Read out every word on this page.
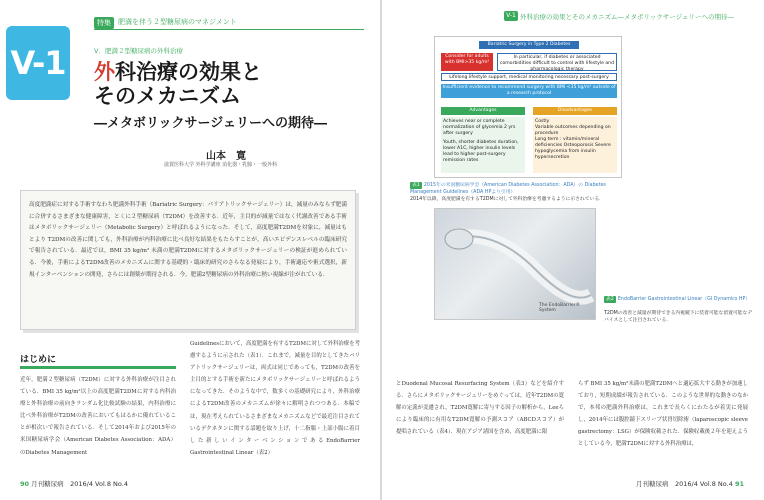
V-1
特集	肥満を伴う２型糖尿病のマネジメント
V．肥満２型糖尿病の外科治療
外科治療の効果と
そのメカニズム
―メタボリックサージェリーへの期待―
山本　寛
滋賀医科大学 外科学講座 消化器・乳腺・一般外科
高度肥満症に対する手術すなわち肥満外科手術（Bariatric Surgery：バリアトリックサージェリー）は，減量のみならず肥満に合併するさまざまな健康障害，とくに２型糖尿病（T2DM）を改善する．近年，主目的が減量ではなく代謝改善である手術はメタボリックサージェリー（Metabolic Surgery）と呼ばれるようになった．そして，高度肥満T2DMを対象に，減量はもとより T2DMの改善に関しても，外科治療が内科治療に比べ良好な結果をもたらすことが，高いエビデンスレベルの臨床研究で報告されている．最近では，BMI 35 kg/m² 未満の肥満T2DMに対するメタボリックサージェリーの検証が進められている．今後，手術によるT2DM改善のメカニズムに関する基礎的・臨床的研究のさらなる発展により，手術適応や術式選択，新規インターベンションの開発，さらには創薬が期待される．今，肥満2型糖尿病の外科治療に熱い視線が注がれている．
はじめに
近年，肥満２型糖尿病（T2DM）に対する外科治療が注目されている．BMI 35 kg/m²以上の高度肥満T2DMに対する内科治療と外科治療の前向きランダム化比較試験の結果，内科治療に比べ外科治療がT2DMの改善においてもはるかに優れていることが相次いで報告されている．そして2014年および2015年の米国糖尿病学会（American Diabetes Association：ADA）のDiabetes Management
Guidelinesにおいて，高度肥満を有するT2DMに対して外科治療を考慮するように示された（表1）．これまで，減量を目的としてきたバリアトリックサージェリーは，両式は同じであっても，T2DMの改善を主目的とする手術を新たにメタボリックサージェリーと呼ばれるようになってきた．そのような中で，数多くの基礎研究により，外科治療によるT2DM改善のメカニズムが徐々に解明されつつある．本稿では，現在考えられているさまざまなメカニズムなどで最近注目されているデクネタンに関する話題を取り上げ，十二指腸・上部小腸に着目した新しいインターベンションであるEndoBarrier Gastrointestinal Linear（表2）
90 月刊糖尿病　2016/4 Vol.8 No.4
V-1 外科治療の効果とそのメカニズム―メタボリックサージェリーへの期待―
Bariatric Surgery in Type 2 Diabetes
Consider for adults with BMI>35 kg/m²
In particular, if diabetes or associated comorbidities difficult to control with lifestyle and pharmacologic therapy
Lifelong lifestyle support, medical monitoring necessary post-surgery
Insufficient evidence to recommend surgery with BMI <35 kg/m² outside of a research protocol
Advantages	Disadvantages
Achieves near or complete normalization of glycemia 2 yrs after surgery
Youth, shorter diabetes duration, lower A1C, higher insulin levels lead to higher post-surgery remission rates
Costly
Variable outcomes depending on procedure
Long term : vitamin/mineral deficiencies Osteoporosis Severe hypoglycemia from insulin hypersecretion
表1 2015年の米国糖尿病学会（American Diabetes Association：ADA）の Diabetes Management Guidelines（ADA HPより引用）
2014年以降，高度肥満を有するT2DMに対して外科治療を考慮するように示されている．
The EndoBarrier® System
表2 EndoBarrier Gastrointestinal Linear（GI Dynamics HP）
T2DMの改善と減量が期待できる内視鏡下に装着可能な留置可能なデバイスとして注目されている．
とDuodenal Mucosal Resurfacing System（表3）などを紹介する．さらにメタボリックサージェリーをめぐっては，近年T2DMの寛解の定義が変遷され，T2DM寛解に寄与する因子の解析から，Leeらにより臨床的に有用なT2DM寛解の予測スコア（ABCDスコア）が提唱されている（表4）．現在アジア諸国を含め，高度肥満に限
らず BMI 35 kg/m²未満の肥満T2DMへと適応拡大する動きが加速しており，短期成績が報告されている．このような世界的な動きのなかで，本邦の肥満外科治療は，これまで長らくにわたるが着実に発展し，2014年には腹腔鏡下スリーブ状胃切除術（laparoscopic sleeve gastrectomy：LSG）が保険収載された．保険収載後２年を迎えようとしている今，肥満T2DMに対する外科治療は，
月刊糖尿病　2016/4 Vol.8 No.4 91
